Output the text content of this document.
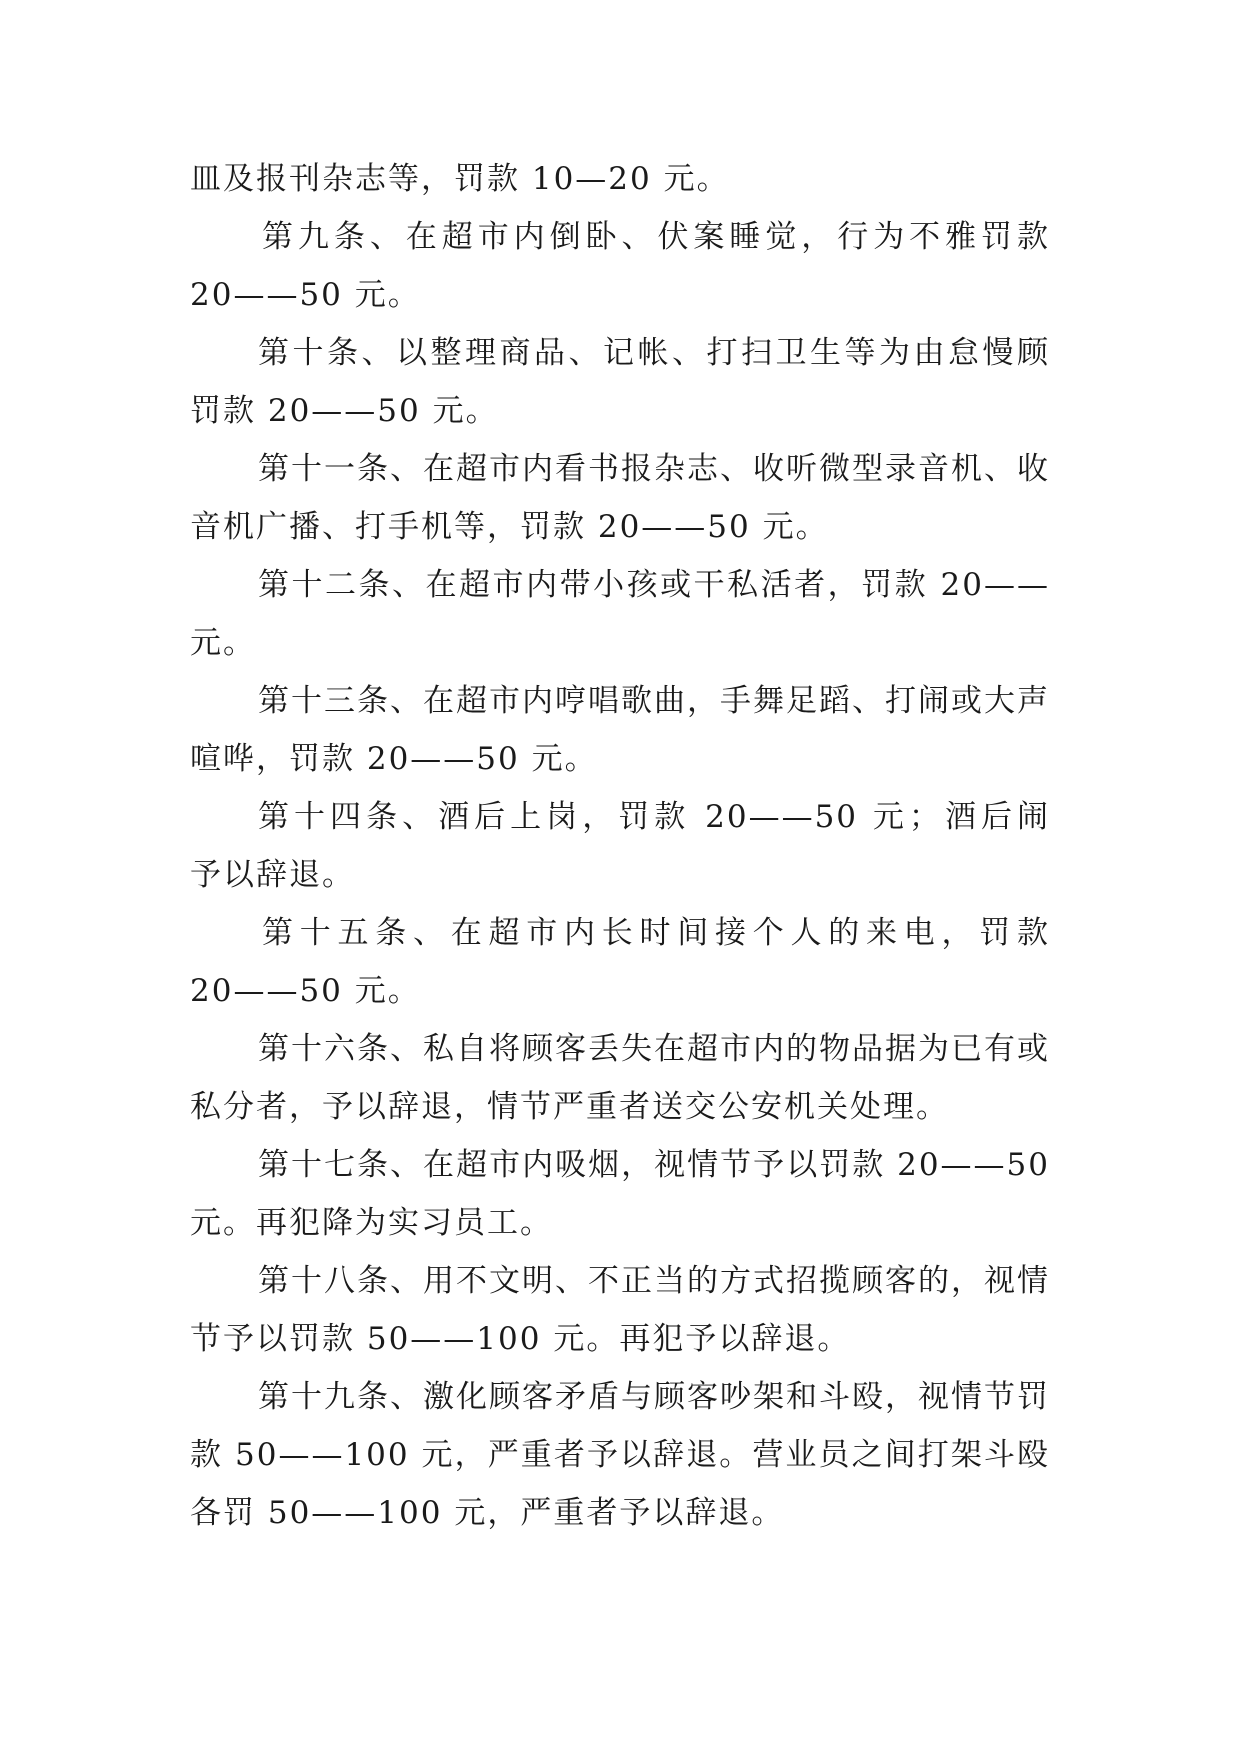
皿及报刊杂志等，罚款 10—20 元。
第九条、在超市内倒卧、伏案睡觉，行为不雅罚款
20——50 元。
第十条、以整理商品、记帐、打扫卫生等为由怠慢顾
罚款 20——50 元。
第十一条、在超市内看书报杂志、收听微型录音机、收
音机广播、打手机等，罚款 20——50 元。
第十二条、在超市内带小孩或干私活者，罚款 20——
元。
第十三条、在超市内哼唱歌曲，手舞足蹈、打闹或大声
喧哗，罚款 20——50 元。
第十四条、酒后上岗，罚款 20——50 元；酒后闹
予以辞退。
第十五条、在超市内长时间接个人的来电，罚款
20——50 元。
第十六条、私自将顾客丢失在超市内的物品据为已有或
私分者，予以辞退，情节严重者送交公安机关处理。
第十七条、在超市内吸烟，视情节予以罚款 20——50
元。再犯降为实习员工。
第十八条、用不文明、不正当的方式招揽顾客的，视情
节予以罚款 50——100 元。再犯予以辞退。
第十九条、激化顾客矛盾与顾客吵架和斗殴，视情节罚
款 50——100 元，严重者予以辞退。营业员之间打架斗殴
各罚 50——100 元，严重者予以辞退。
